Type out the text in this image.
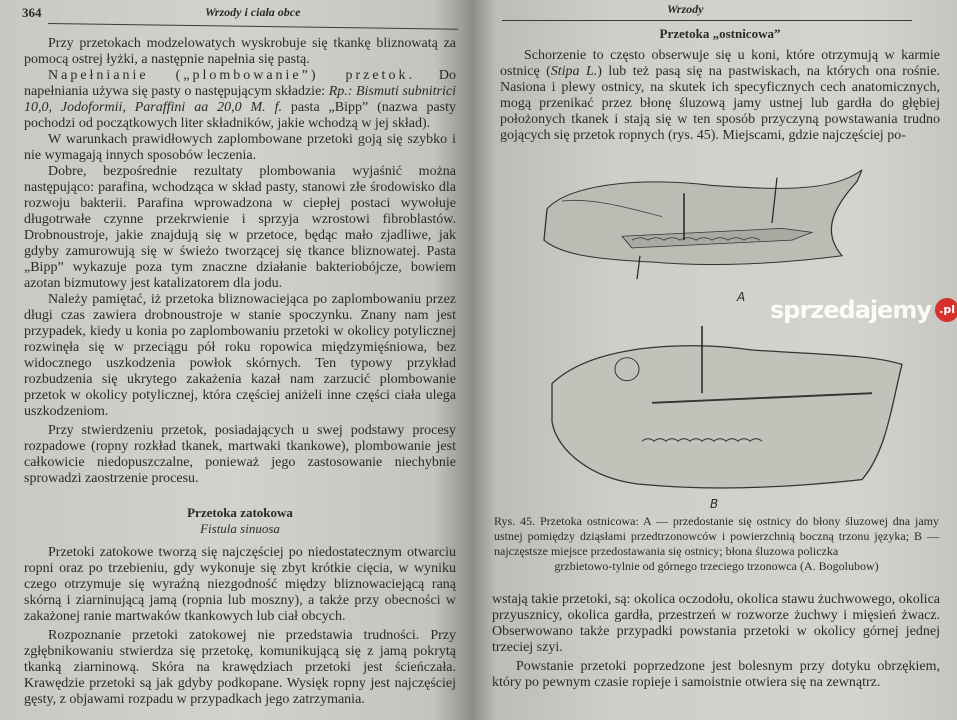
364	Wrzody i ciała obce

Przy przetokach modzelowatych wyskrobuje się tkankę bliznowatą za pomocą ostrej łyżki, a następnie napełnia się pastą.

Napełnianie („plombowanie”) przetok. Do napełniania używa się pasty o następującym składzie: Rp.: Bismuti subnitrici 10,0, Jodoformii, Paraffini aa 20,0 M. f. pasta „Bipp” (nazwa pasty pochodzi od początkowych liter składników, jakie wchodzą w jej skład).

W warunkach prawidłowych zaplombowane przetoki goją się szybko i nie wymagają innych sposobów leczenia.

Dobre, bezpośrednie rezultaty plombowania wyjaśnić można następująco: parafina, wchodząca w skład pasty, stanowi złe środowisko dla rozwoju bakterii. Parafina wprowadzona w ciepłej postaci wywołuje długotrwałe czynne przekrwienie i sprzyja wzrostowi fibroblastów. Drobnoustroje, jakie znajdują się w przetoce, będąc mało zjadliwe, jak gdyby zamurowują się w świeżo tworzącej się tkance bliznowatej. Pasta „Bipp” wykazuje poza tym znaczne działanie bakteriobójcze, bowiem azotan bizmutowy jest katalizatorem dla jodu.

Należy pamiętać, iż przetoka bliznowaciejąca po zaplombowaniu przez długi czas zawiera drobnoustroje w stanie spoczynku. Znany nam jest przypadek, kiedy u konia po zaplombowaniu przetoki w okolicy potylicznej rozwinęła się w przeciągu pół roku ropowica międzymięśniowa, bez widocznego uszkodzenia powłok skórnych. Ten typowy przykład rozbudzenia się ukrytego zakażenia kazał nam zarzucić plombowanie przetok w okolicy potylicznej, która częściej aniżeli inne części ciała ulega uszkodzeniom.

Przy stwierdzeniu przetok, posiadających u swej podstawy procesy rozpadowe (ropny rozkład tkanek, martwaki tkankowe), plombowanie jest całkowicie niedopuszczalne, ponieważ jego zastosowanie niechybnie sprowadzi zaostrzenie procesu.

Przetoka zatokowa

Fistula sinuosa

Przetoki zatokowe tworzą się najczęściej po niedostatecznym otwarciu ropni oraz po trzebieniu, gdy wykonuje się zbyt krótkie cięcia, w wyniku czego otrzymuje się wyraźną niezgodność między bliznowaciejącą raną skórną i ziarninującą jamą (ropnia lub moszny), a także przy obecności w zakażonej ranie martwaków tkankowych lub ciał obcych.

Rozpoznanie przetoki zatokowej nie przedstawia trudności. Przy zgłębnikowaniu stwierdza się przetokę, komunikującą się z jamą pokrytą tkanką ziarninową. Skóra na krawędziach przetoki jest ścieńczała. Krawędzie przetoki są jak gdyby podkopane. Wysięk ropny jest najczęściej gęsty, z objawami rozpadu w przypadkach jego zatrzymania.

Wrzody

Przetoka „ostnicowa”

Schorzenie to często obserwuje się u koni, które otrzymują w karmie ostnicę (Stipa L.) lub też pasą się na pastwiskach, na których ona rośnie. Nasiona i plewy ostnicy, na skutek ich specyficznych cech anatomicznych, mogą przenikać przez błonę śluzową jamy ustnej lub gardła do głębiej położonych tkanek i stają się w ten sposób przyczyną powstawania trudno gojących się przetok ropnych (rys. 45). Miejscami, gdzie najczęściej po-

A
B
Rys. 45. Przetoka ostnicowa: A — przedostanie się ostnicy do błony śluzowej dna jamy ustnej pomiędzy dziąsłami przedtrzonowców i powierzchnią boczną trzonu języka; B — najczęstsze miejsce przedostawania się ostnicy; błona śluzowa policzka
grzbietowo-tylnie od górnego trzeciego trzonowca (A. Bogolubow)

wstają takie przetoki, są: okolica oczodołu, okolica stawu żuchwowego, okolica przyusznicy, okolica gardła, przestrzeń w rozworze żuchwy i mięsień żwacz. Obserwowano także przypadki powstania przetoki w okolicy górnej jednej trzeciej szyi.

Powstanie przetoki poprzedzone jest bolesnym przy dotyku obrzękiem, który po pewnym czasie ropieje i samoistnie otwiera się na zewnątrz.

sprzedajemy .pl
